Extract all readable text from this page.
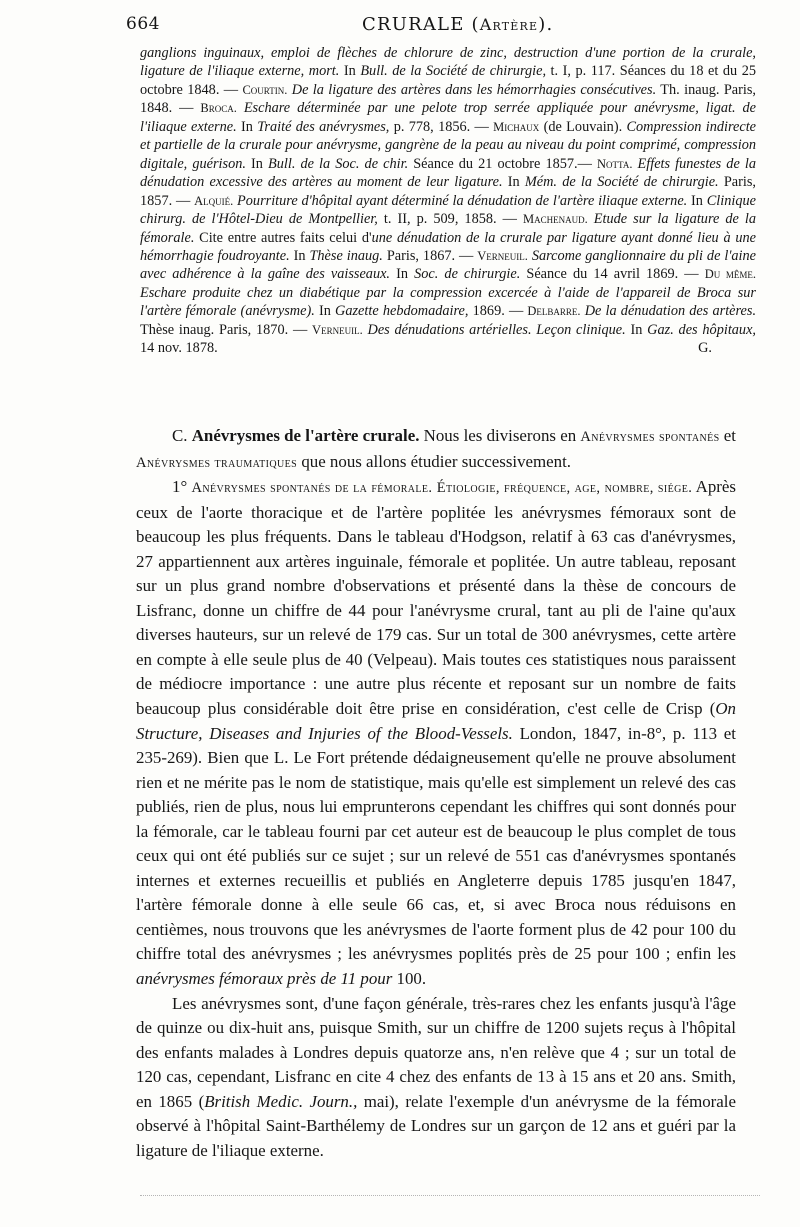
664	CRURALE (Artère).

ganglions inguinaux, emploi de flèches de chlorure de zinc, destruction d'une portion de la crurale, ligature de l'iliaque externe, mort. In Bull. de la Société de chirurgie, t. I, p. 117. Séances du 18 et du 25 octobre 1848. — Courtin. De la ligature des artères dans les hémorrhagies consécutives. Th. inaug. Paris, 1848. — Broca. Eschare déterminée par une pelote trop serrée appliquée pour anévrysme, ligat. de l'iliaque externe. In Traité des anévrysmes, p. 778, 1856. — Michaux (de Louvain). Compression indirecte et partielle de la crurale pour anévrysme, gangrène de la peau au niveau du point comprimé, compression digitale, guérison. In Bull. de la Soc. de chir. Séance du 21 octobre 1857.— Notta. Effets funestes de la dénudation excessive des artères au moment de leur ligature. In Mém. de la Société de chirurgie. Paris, 1857. — Alquié. Pourriture d'hôpital ayant déterminé la dénudation de l'artère iliaque externe. In Clinique chirurg. de l'Hôtel-Dieu de Montpellier, t. II, p. 509, 1858. — Machenaud. Etude sur la ligature de la fémorale. Cite entre autres faits celui d'une dénudation de la crurale par ligature ayant donné lieu à une hémorrhagie foudroyante. In Thèse inaug. Paris, 1867. — Verneuil. Sarcome ganglionnaire du pli de l'aine avec adhérence à la gaîne des vaisseaux. In Soc. de chirurgie. Séance du 14 avril 1869. — Du même. Eschare produite chez un diabétique par la compression excercée à l'aide de l'appareil de Broca sur l'artère fémorale (anévrysme). In Gazette hebdomadaire, 1869. — Delbarre. De la dénudation des artères. Thèse inaug. Paris, 1870. — Verneuil. Des dénudations artérielles. Leçon clinique. In Gaz. des hôpitaux, 14 nov. 1878.	G.

C. Anévrysmes de l'artère crurale. Nous les diviserons en Anévrysmes spontanés et Anévrysmes traumatiques que nous allons étudier successivement.

1° Anévrysmes spontanés de la fémorale. Étiologie, fréquence, age, nombre, siége. Après ceux de l'aorte thoracique et de l'artère poplitée les anévrysmes fémoraux sont de beaucoup les plus fréquents. Dans le tableau d'Hodgson, relatif à 63 cas d'anévrysmes, 27 appartiennent aux artères inguinale, fémorale et poplitée. Un autre tableau, reposant sur un plus grand nombre d'observations et présenté dans la thèse de concours de Lisfranc, donne un chiffre de 44 pour l'anévrysme crural, tant au pli de l'aine qu'aux diverses hauteurs, sur un relevé de 179 cas. Sur un total de 300 anévrysmes, cette artère en compte à elle seule plus de 40 (Velpeau). Mais toutes ces statistiques nous paraissent de médiocre importance : une autre plus récente et reposant sur un nombre de faits beaucoup plus considérable doit être prise en considération, c'est celle de Crisp (On Structure, Diseases and Injuries of the Blood-Vessels. London, 1847, in-8°, p. 113 et 235-269). Bien que L. Le Fort prétende dédaigneusement qu'elle ne prouve absolument rien et ne mérite pas le nom de statistique, mais qu'elle est simplement un relevé des cas publiés, rien de plus, nous lui emprunterons cependant les chiffres qui sont donnés pour la fémorale, car le tableau fourni par cet auteur est de beaucoup le plus complet de tous ceux qui ont été publiés sur ce sujet ; sur un relevé de 551 cas d'anévrysmes spontanés internes et externes recueillis et publiés en Angleterre depuis 1785 jusqu'en 1847, l'artère fémorale donne à elle seule 66 cas, et, si avec Broca nous réduisons en centièmes, nous trouvons que les anévrysmes de l'aorte forment plus de 42 pour 100 du chiffre total des anévrysmes ; les anévrysmes poplités près de 25 pour 100 ; enfin les anévrysmes fémoraux près de 11 pour 100.

Les anévrysmes sont, d'une façon générale, très-rares chez les enfants jusqu'à l'âge de quinze ou dix-huit ans, puisque Smith, sur un chiffre de 1200 sujets reçus à l'hôpital des enfants malades à Londres depuis quatorze ans, n'en relève que 4 ; sur un total de 120 cas, cependant, Lisfranc en cite 4 chez des enfants de 13 à 15 ans et 20 ans. Smith, en 1865 (British Medic. Journ., mai), relate l'exemple d'un anévrysme de la fémorale observé à l'hôpital Saint-Barthélemy de Londres sur un garçon de 12 ans et guéri par la ligature de l'iliaque externe.
